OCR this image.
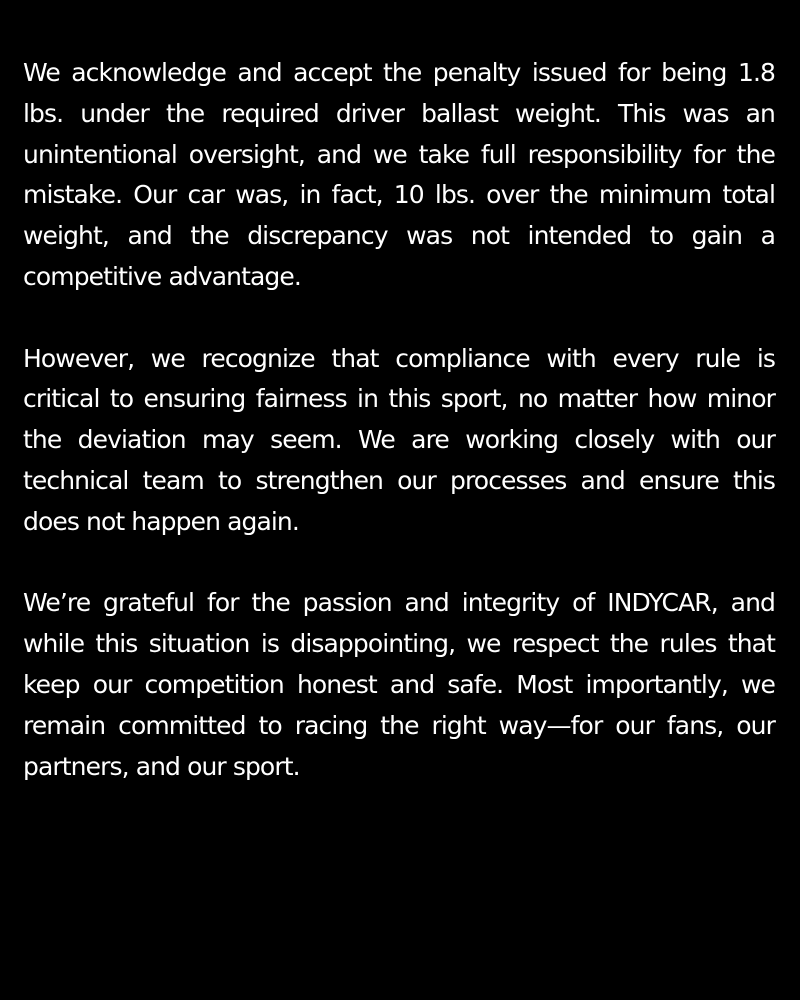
We acknowledge and accept the penalty issued for being 1.8 lbs. under the required driver ballast weight. This was an unintentional oversight, and we take full responsibility for the mistake. Our car was, in fact, 10 lbs. over the minimum total weight, and the discrepancy was not intended to gain a competitive advantage.

However, we recognize that compliance with every rule is critical to ensuring fairness in this sport, no matter how minor the deviation may seem. We are working closely with our technical team to strengthen our processes and ensure this does not happen again.

We’re grateful for the passion and integrity of INDYCAR, and while this situation is disappointing, we respect the rules that keep our competition honest and safe. Most importantly, we remain committed to racing the right way—for our fans, our partners, and our sport.
